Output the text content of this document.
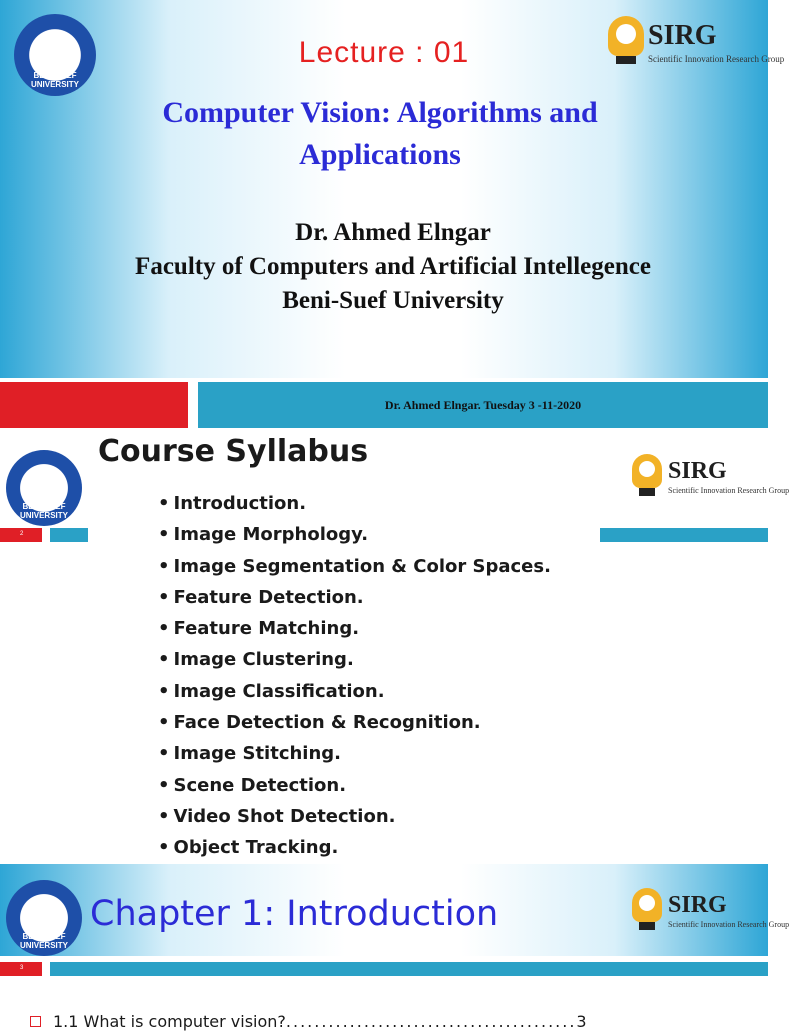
BENI-SUEF UNIVERSITY
SIRG
Scientific Innovation Research Group
Lecture : 01
Computer Vision: Algorithms and Applications
Dr. Ahmed Elngar
Faculty of Computers and Artificial Intellegence
Beni-Suef University
Dr. Ahmed Elngar. Tuesday 3 -11-2020
BENI-SUEF UNIVERSITY
SIRG
Scientific Innovation Research Group
Course Syllabus
2
• Introduction.
• Image Morphology.
• Image Segmentation & Color Spaces.
• Feature Detection.
• Feature Matching.
• Image Clustering.
• Image Classification.
• Face Detection & Recognition.
• Image Stitching.
• Scene Detection.
• Video Shot Detection.
• Object Tracking.
BENI-SUEF UNIVERSITY
SIRG
Scientific Innovation Research Group
Chapter 1: Introduction
3
1.1 What is computer vision?.........................................3
